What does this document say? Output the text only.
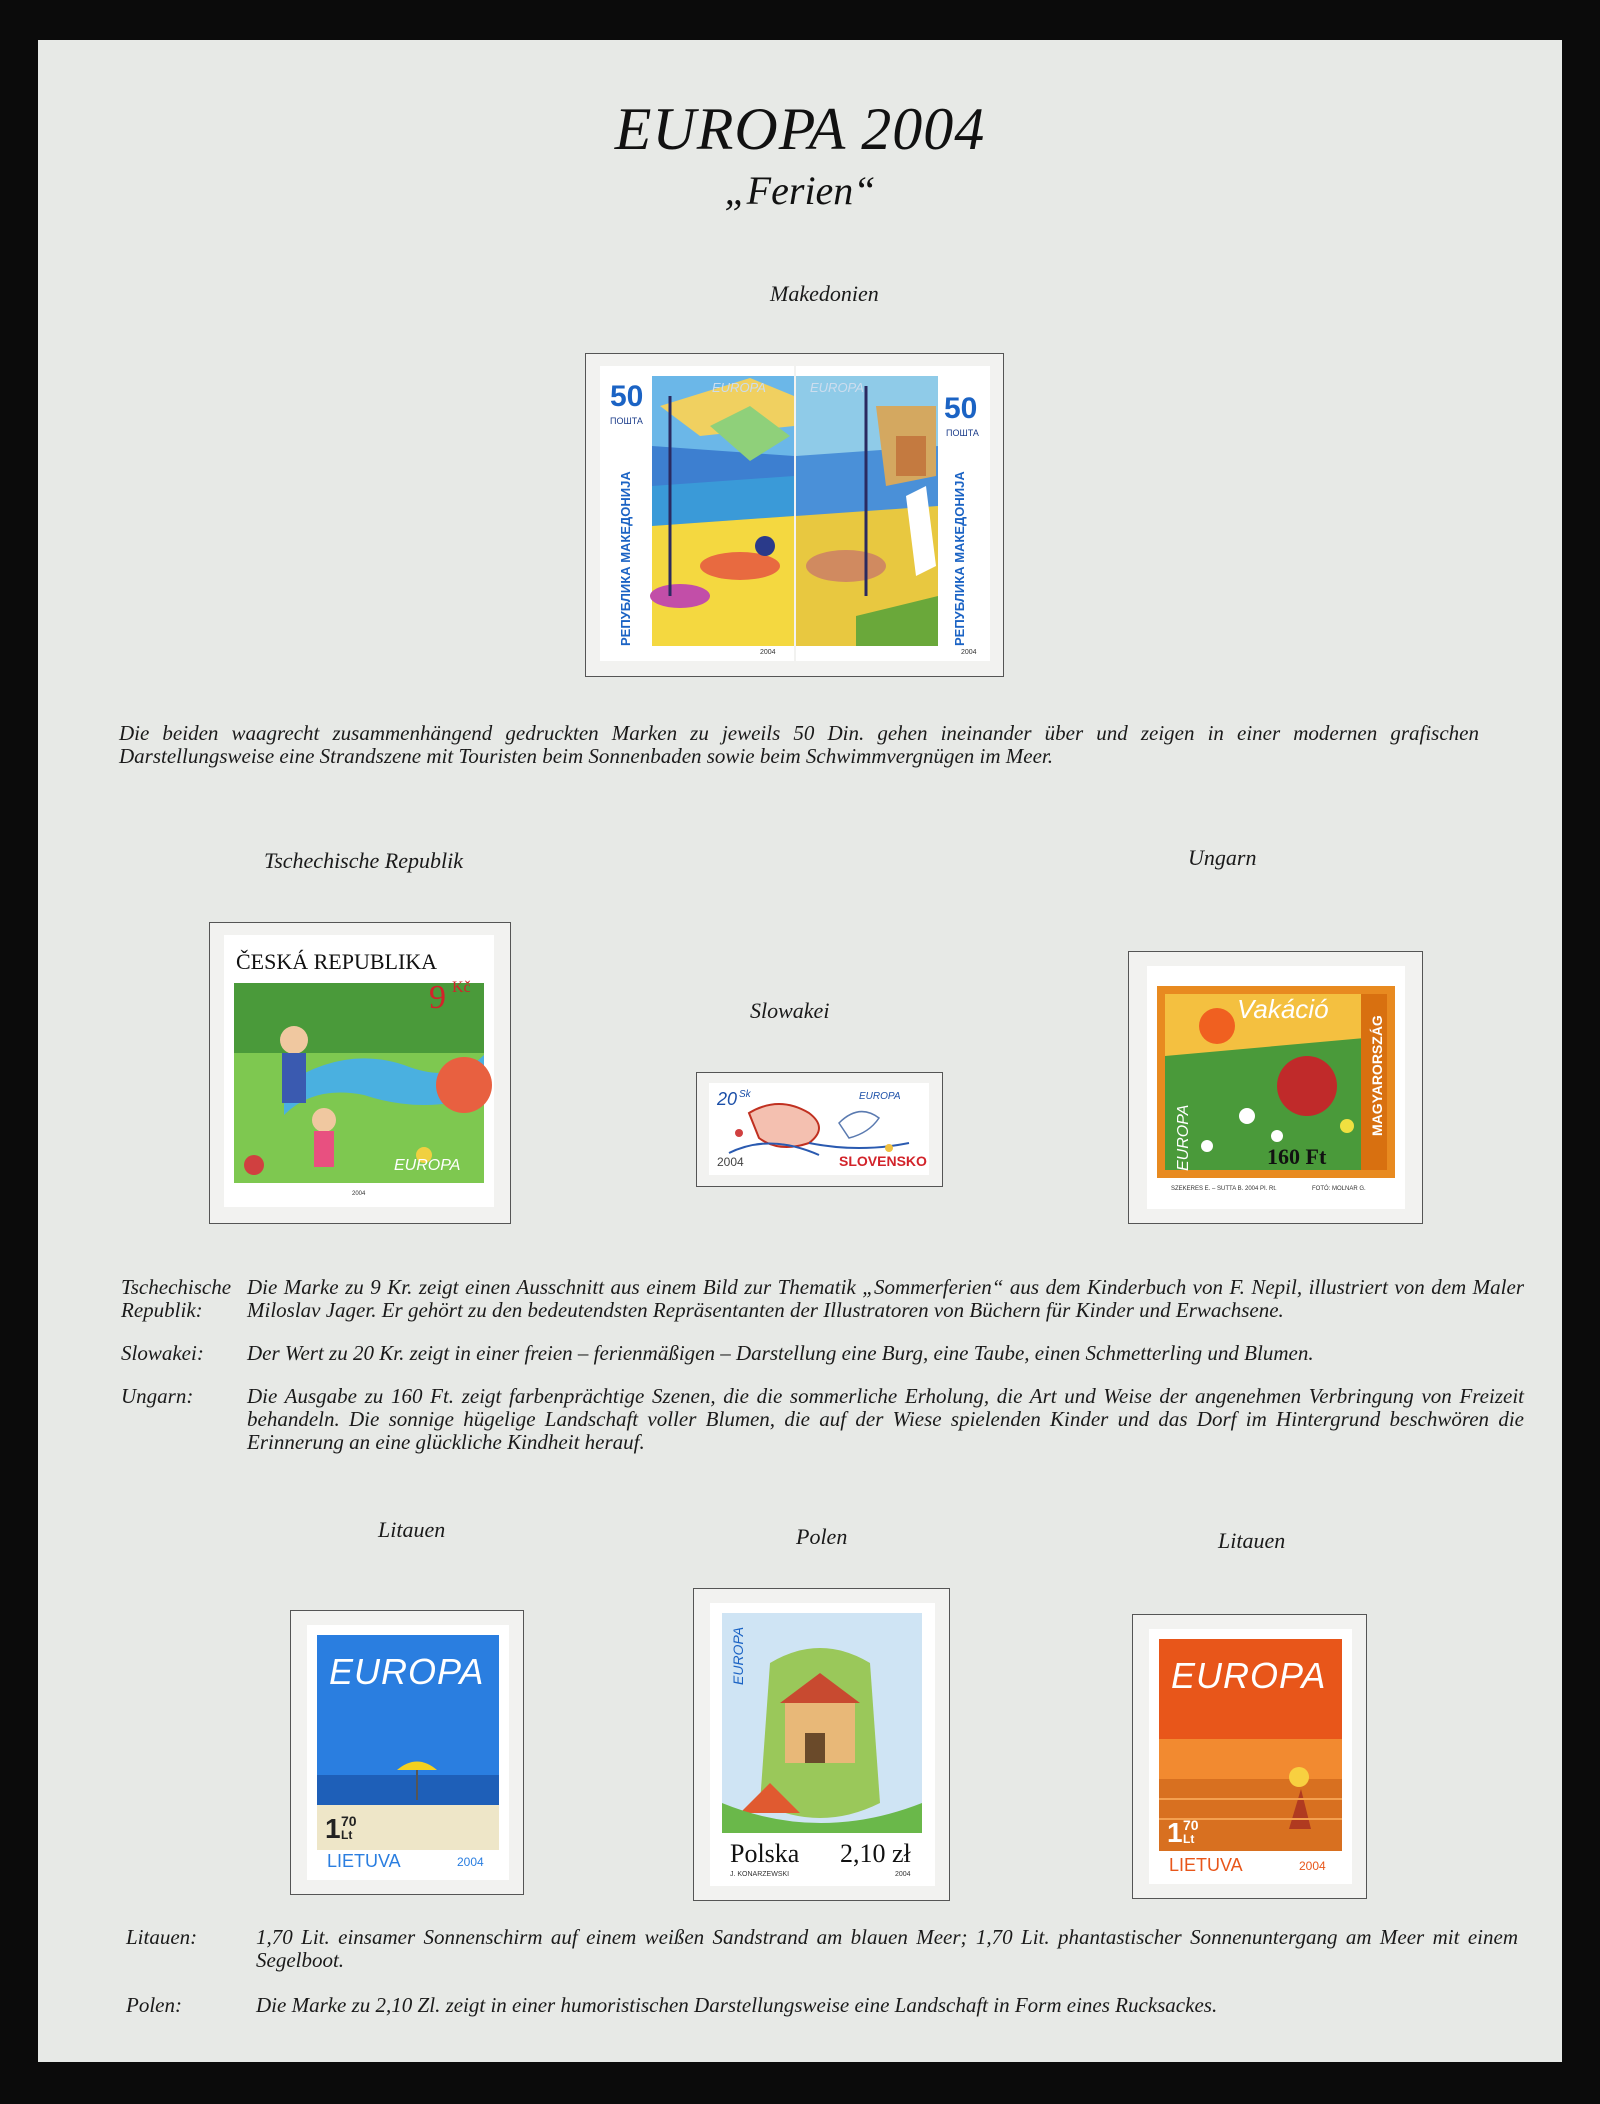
EUROPA 2004
„Ferien“
Makedonien
50
ПОШТА
РЕПУБЛИКА МАКЕДОНИЈА
EUROPA
2004
50
ПОШТА
РЕПУБЛИКА МАКЕДОНИЈА
EUROPA
2004
Die beiden waagrecht zusammenhängend gedruckten Marken zu jeweils 50 Din. gehen ineinander über und zeigen in einer modernen grafischen Darstellungsweise eine Strandszene mit Touristen beim Sonnenbaden sowie beim Schwimmvergnügen im Meer.
Tschechische Republik
Slowakei
Ungarn
ČESKÁ REPUBLIKA
9 Kč
EUROPA
2004
20 Sk	EUROPA
2004	SLOVENSKO
Vakáció
EUROPA	160 Ft
MAGYARORSZÁG
SZEKERES E. – SUTTA B. 2004 PI. Rt.	FOTÓ: MOLNAR G.
Tschechische Republik:
Die Marke zu 9 Kr. zeigt einen Ausschnitt aus einem Bild zur Thematik „Sommerferien“ aus dem Kinderbuch von F. Nepil, illustriert von dem Maler Miloslav Jager. Er gehört zu den bedeutendsten Repräsentanten der Illustratoren von Büchern für Kinder und Erwachsene.
Slowakei:	Der Wert zu 20 Kr. zeigt in einer freien – ferienmäßigen – Darstellung eine Burg, eine Taube, einen Schmetterling und Blumen.
Ungarn:	Die Ausgabe zu 160 Ft. zeigt farbenprächtige Szenen, die die sommerliche Erholung, die Art und Weise der angenehmen Verbringung von Freizeit behandeln. Die sonnige hügelige Landschaft voller Blumen, die auf der Wiese spielenden Kinder und das Dorf im Hintergrund beschwören die Erinnerung an eine glückliche Kindheit herauf.
Litauen	Polen	Litauen
EUROPA
1 70
Lt
LIETUVA	2004
EUROPA
Polska 2,10 zł
J. KONARZEWSKI	2004
EUROPA
1 70
Lt
LIETUVA	2004
Litauen:	1,70 Lit. einsamer Sonnenschirm auf einem weißen Sandstrand am blauen Meer; 1,70 Lit. phantastischer Sonnenuntergang am Meer mit einem Segelboot.
Polen:	Die Marke zu 2,10 Zl. zeigt in einer humoristischen Darstellungsweise eine Landschaft in Form eines Rucksackes.
